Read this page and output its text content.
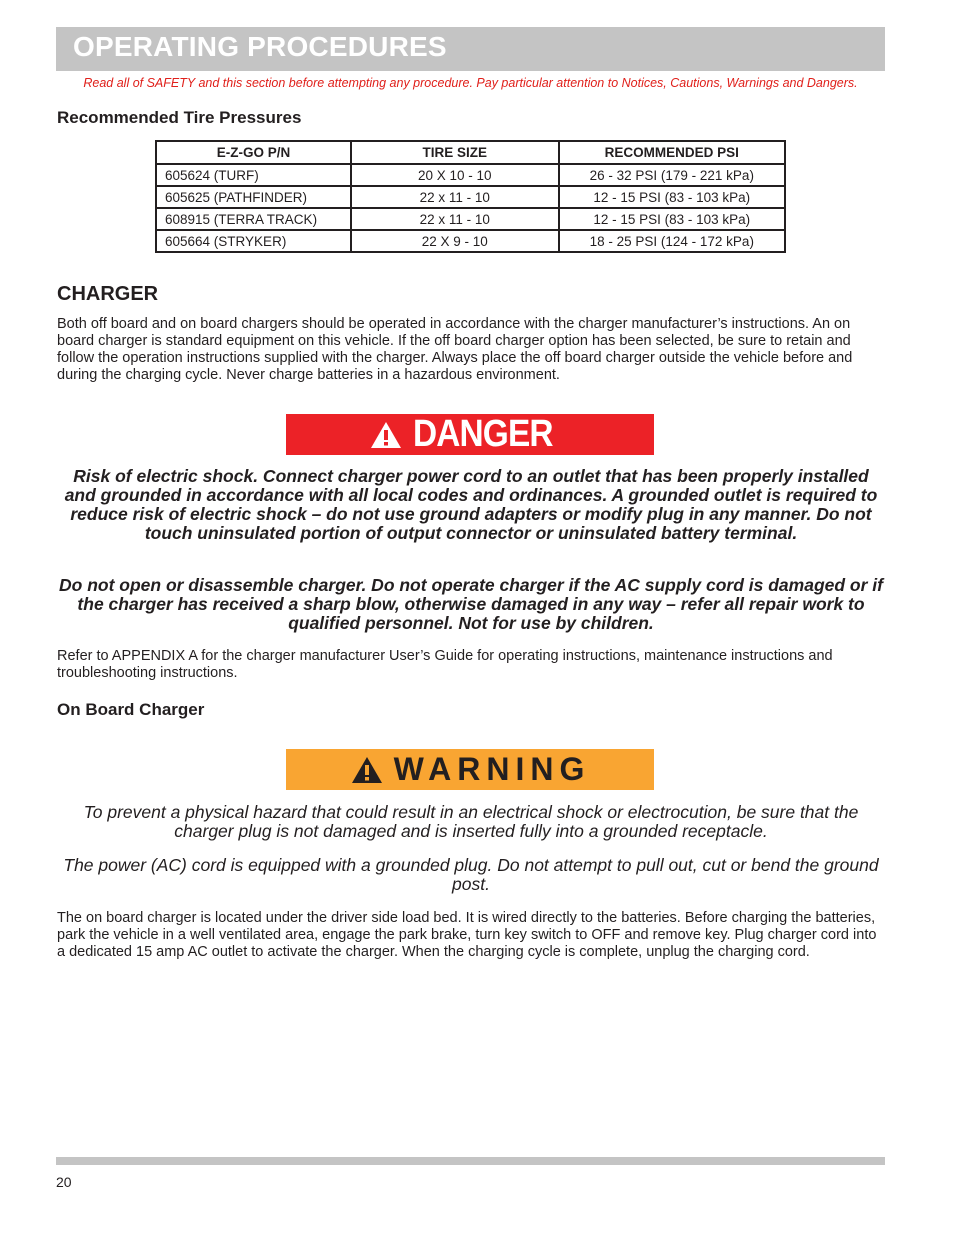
OPERATING PROCEDURES
Read all of SAFETY and this section before attempting any procedure. Pay particular attention to Notices, Cautions, Warnings and Dangers.
Recommended Tire Pressures
E-Z-GO P/N	TIRE SIZE	RECOMMENDED PSI
605624 (TURF)	20 X 10 - 10	26 - 32 PSI (179 - 221 kPa)
605625 (PATHFINDER)	22 x 11 - 10	12 - 15 PSI (83 - 103 kPa)
608915 (TERRA TRACK)	22 x 11 - 10	12 - 15 PSI (83 - 103 kPa)
605664 (STRYKER)	22 X 9 - 10	18 - 25 PSI (124 - 172 kPa)
CHARGER

Both off board and on board chargers should be operated in accordance with the charger manufacturer’s instructions. An on board charger is standard equipment on this vehicle. If the off board charger option has been selected, be sure to retain and follow the operation instructions supplied with the charger. Always place the off board charger outside the vehicle before and during the charging cycle. Never charge batteries in a hazardous environment.

DANGER

Risk of electric shock. Connect charger power cord to an outlet that has been properly installed and grounded in accordance with all local codes and ordinances. A grounded outlet is required to reduce risk of electric shock – do not use ground adapters or modify plug in any manner. Do not touch uninsulated portion of output connector or uninsulated battery terminal.

Do not open or disassemble charger. Do not operate charger if the AC supply cord is damaged or if the charger has received a sharp blow, otherwise damaged in any way – refer all repair work to qualified personnel. Not for use by children.

Refer to APPENDIX A for the charger manufacturer User’s Guide for operating instructions, maintenance instructions and troubleshooting instructions.

On Board Charger
WARNING

To prevent a physical hazard that could result in an electrical shock or electrocution, be sure that the charger plug is not damaged and is inserted fully into a grounded receptacle.

The power (AC) cord is equipped with a grounded plug. Do not attempt to pull out, cut or bend the ground post.

The on board charger is located under the driver side load bed. It is wired directly to the batteries. Before charging the batteries, park the vehicle in a well ventilated area, engage the park brake, turn key switch to OFF and remove key. Plug charger cord into a dedicated 15 amp AC outlet to activate the charger. When the charging cycle is complete, unplug the charging cord.

20
